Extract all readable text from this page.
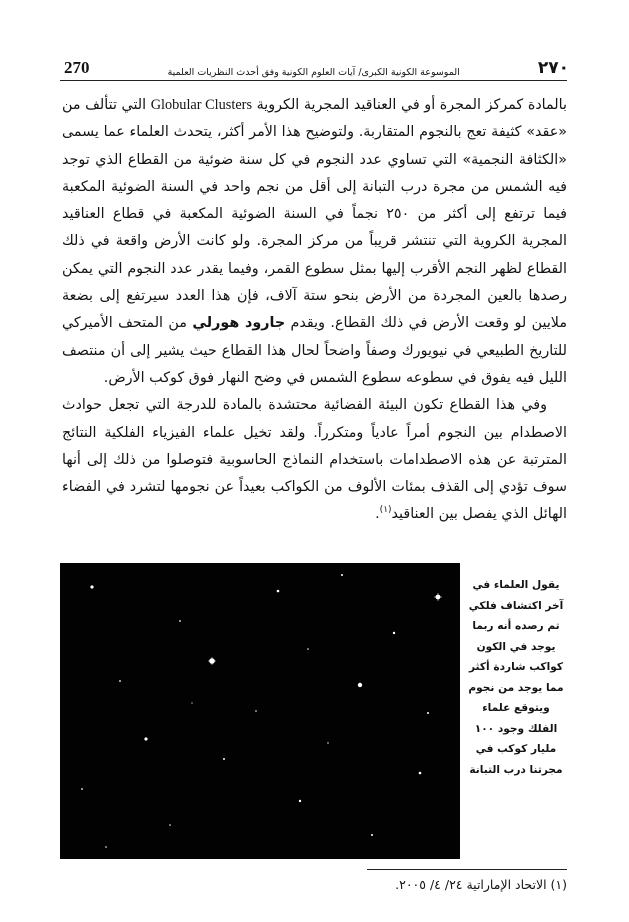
270	الموسوعة الكونية الكبرى/ آيات العلوم الكونية وفق أحدث النظريات العلمية	٢٧٠

بالمادة كمركز المجرة أو في العناقيد المجرية الكروية Globular Clusters التي تتألف من «عقد» كثيفة تعج بالنجوم المتقاربة. ولتوضيح هذا الأمر أكثر، يتحدث العلماء عما يسمى «الكثافة النجمية» التي تساوي عدد النجوم في كل سنة ضوئية من القطاع الذي توجد فيه الشمس من مجرة درب التبانة إلى أقل من نجم واحد في السنة الضوئية المكعبة فيما ترتفع إلى أكثر من ٢٥٠ نجماً في السنة الضوئية المكعبة في قطاع العناقيد المجرية الكروية التي تنتشر قريباً من مركز المجرة. ولو كانت الأرض واقعة في ذلك القطاع لظهر النجم الأقرب إليها بمثل سطوع القمر، وفيما يقدر عدد النجوم التي يمكن رصدها بالعين المجردة من الأرض بنحو ستة آلاف، فإن هذا العدد سيرتفع إلى بضعة ملايين لو وقعت الأرض في ذلك القطاع. ويقدم جارود هورلي من المتحف الأميركي للتاريخ الطبيعي في نيويورك وصفاً واضحاً لحال هذا القطاع حيث يشير إلى أن منتصف الليل فيه يفوق في سطوعه سطوع الشمس في وضح النهار فوق كوكب الأرض.

وفي هذا القطاع تكون البيئة الفضائية محتشدة بالمادة للدرجة التي تجعل حوادث الاصطدام بين النجوم أمراً عادياً ومتكرراً. ولقد تخيل علماء الفيزياء الفلكية النتائج المترتبة عن هذه الاصطدامات باستخدام النماذج الحاسوبية فتوصلوا من ذلك إلى أنها سوف تؤدي إلى القذف بمئات الألوف من الكواكب بعيداً عن نجومها لتشرد في الفضاء الهائل الذي يفصل بين العناقيد$^{(١)}$.

يقول العلماء في آخر اكتشاف فلكي تم رصده أنه ربما يوجد في الكون كواكب شاردة أكثر مما يوجد من نجوم ويتوقع علماء الفلك وجود ١٠٠ مليار كوكب في مجرتنا درب التبانة
(١) الاتحاد الإماراتية ٢٤/ ٤/ ٢٠٠٥.
